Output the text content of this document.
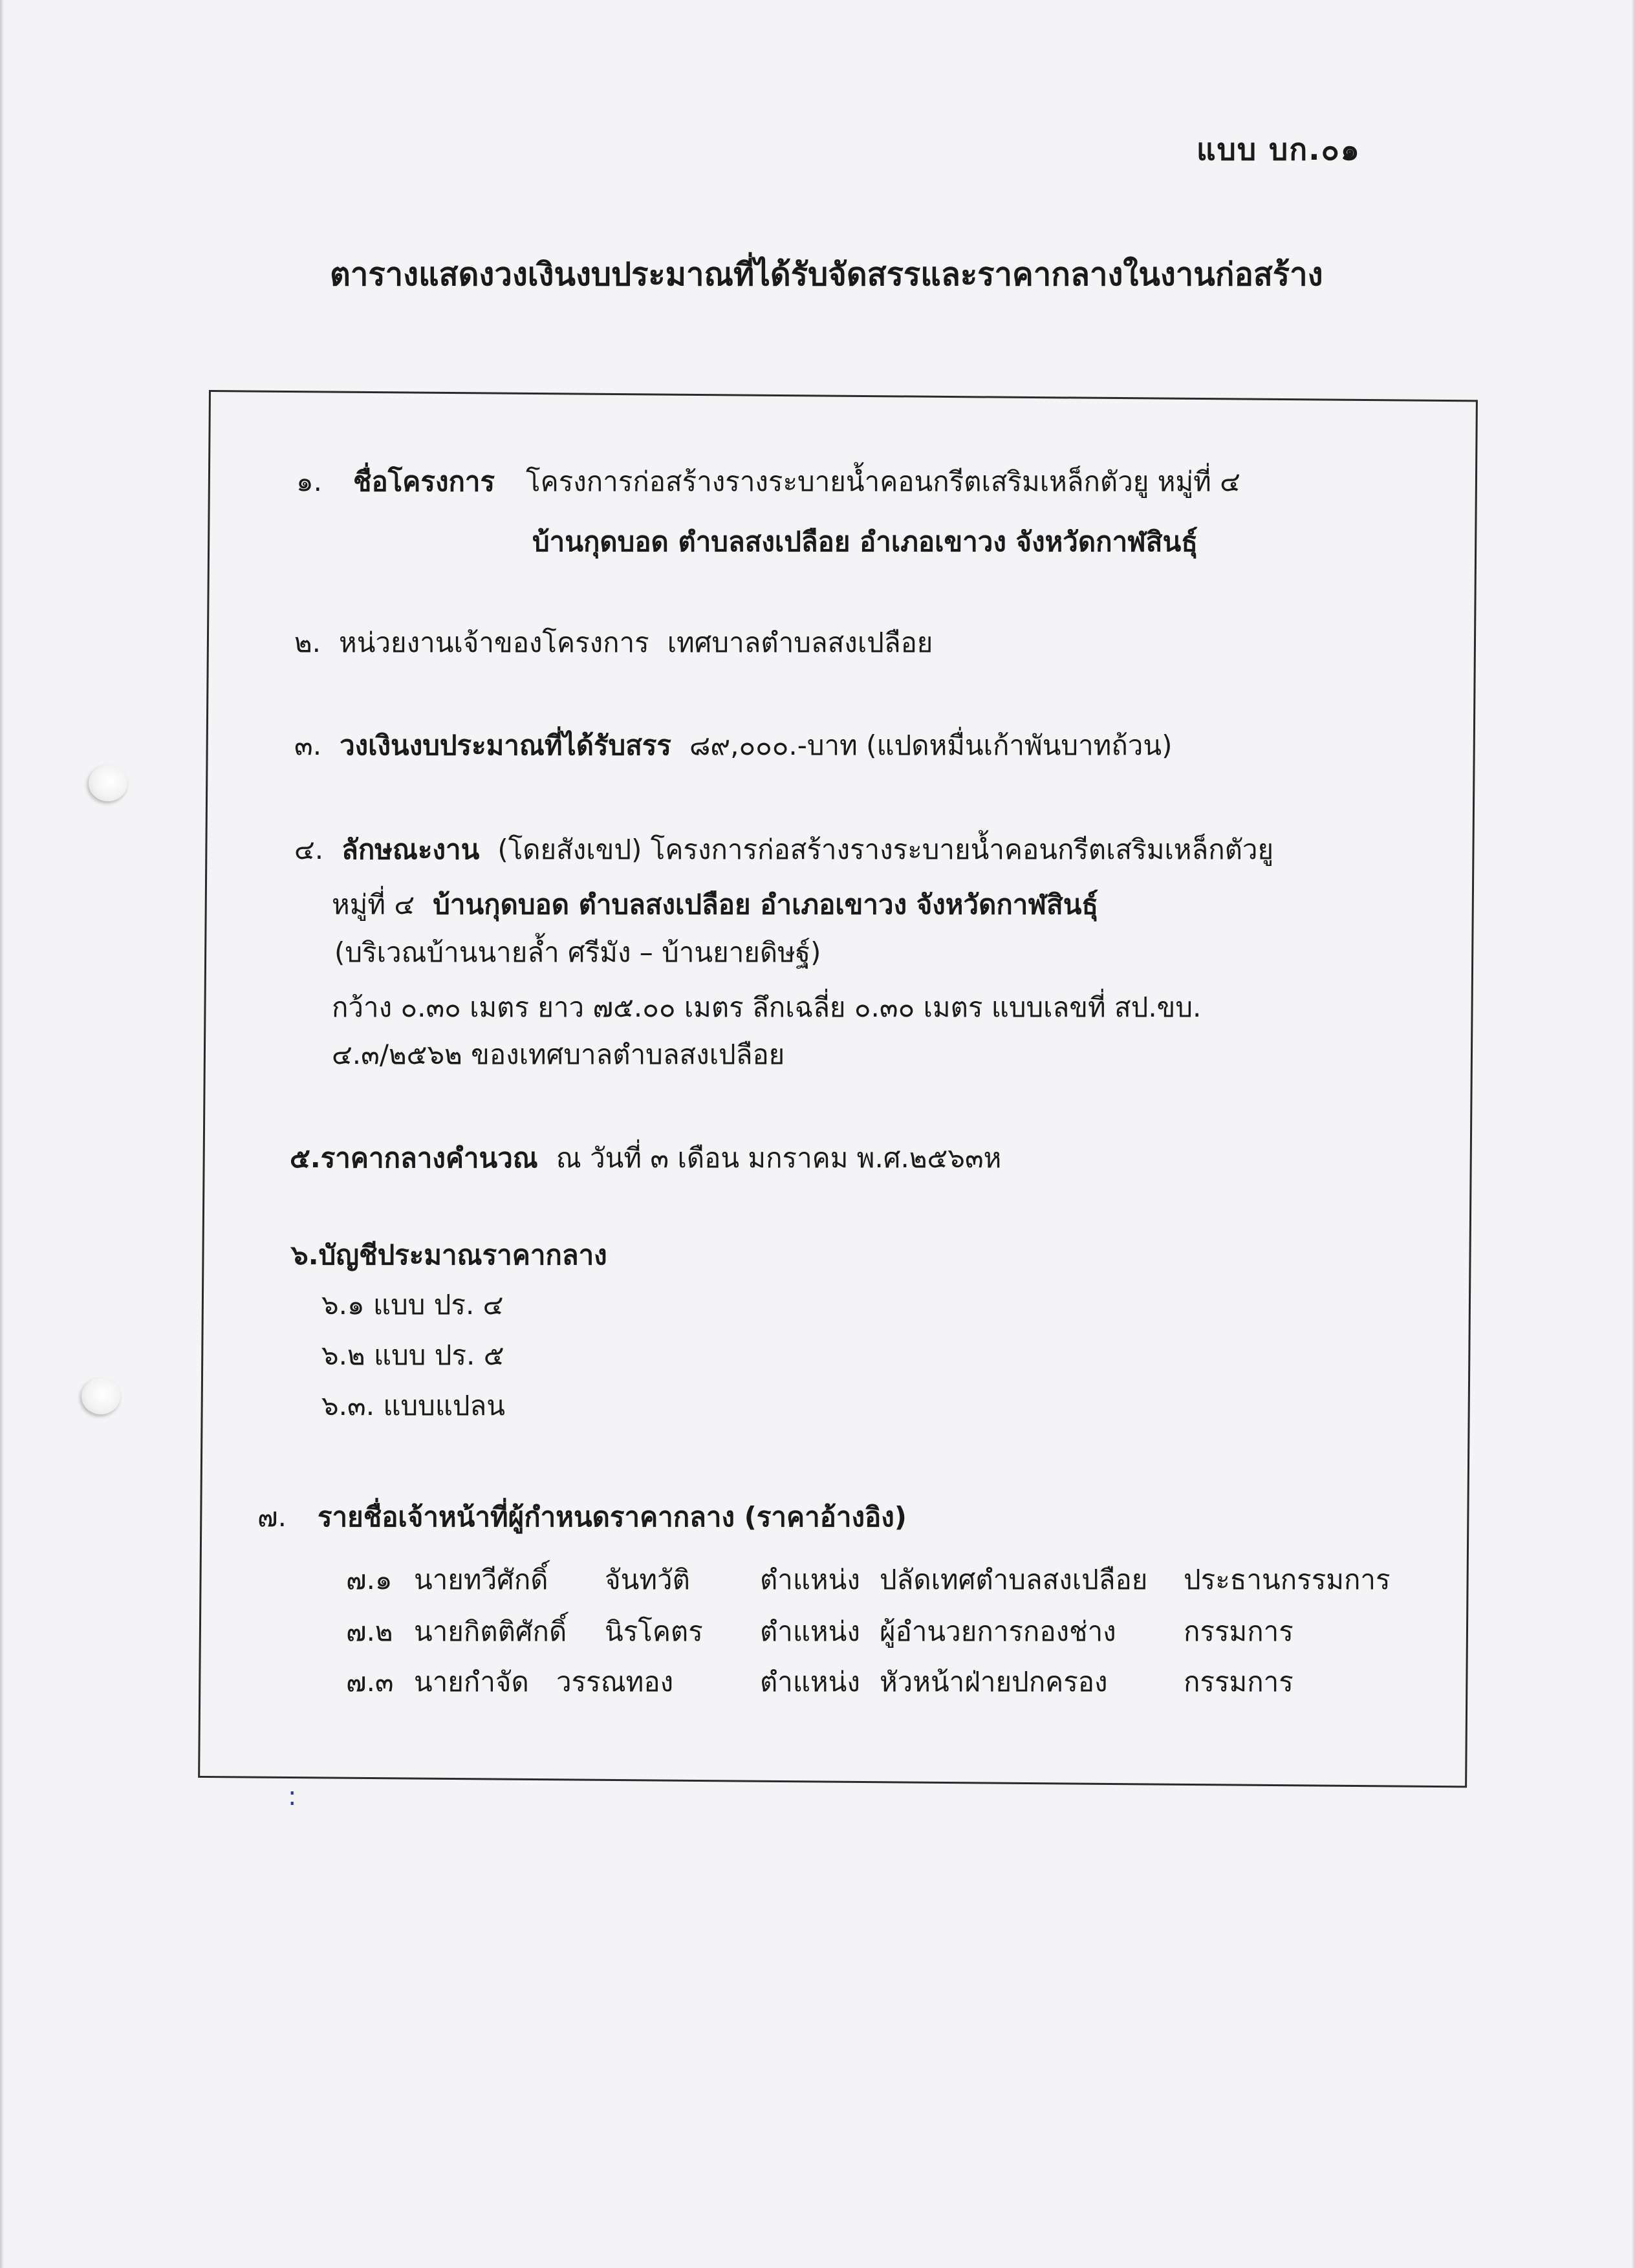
แบบ บก.๐๑
ตารางแสดงวงเงินงบประมาณที่ได้รับจัดสรรและราคากลางในงานก่อสร้าง
๑. ชื่อโครงการ โครงการก่อสร้างรางระบายน้ำคอนกรีตเสริมเหล็กตัวยู หมู่ที่ ๔
บ้านกุดบอด ตำบลสงเปลือย อำเภอเขาวง จังหวัดกาฬสินธุ์
๒. หน่วยงานเจ้าของโครงการ เทศบาลตำบลสงเปลือย
๓. วงเงินงบประมาณที่ได้รับสรร ๘๙,๐๐๐.-บาท (แปดหมื่นเก้าพันบาทถ้วน)
๔. ลักษณะงาน (โดยสังเขป) โครงการก่อสร้างรางระบายน้ำคอนกรีตเสริมเหล็กตัวยู
หมู่ที่ ๔ บ้านกุดบอด ตำบลสงเปลือย อำเภอเขาวง จังหวัดกาฬสินธุ์
(บริเวณบ้านนายล้ำ ศรีมัง – บ้านยายดิษฐ์)
กว้าง ๐.๓๐ เมตร ยาว ๗๕.๐๐ เมตร ลึกเฉลี่ย ๐.๓๐ เมตร แบบเลขที่ สป.ขบ.
๔.๓/๒๕๖๒ ของเทศบาลตำบลสงเปลือย
๕.ราคากลางคำนวณ ณ วันที่ ๓ เดือน มกราคม พ.ศ.๒๕๖๓ห
๖.บัญชีประมาณราคากลาง
๖.๑ แบบ ปร. ๔
๖.๒ แบบ ปร. ๕
๖.๓. แบบแปลน
๗. รายชื่อเจ้าหน้าที่ผู้กำหนดราคากลาง (ราคาอ้างอิง)
๗.๑ นายทวีศักดิ์ จันทวัติ	ตำแหน่ง ปลัดเทศตำบลสงเปลือย ประธานกรรมการ
๗.๒ นายกิตติศักดิ์ นิรโคตร ตำแหน่ง ผู้อำนวยการกองช่าง กรรมการ
๗.๓ นายกำจัด วรรณทอง	ตำแหน่ง หัวหน้าฝ่ายปกครอง	กรรมการ
:
